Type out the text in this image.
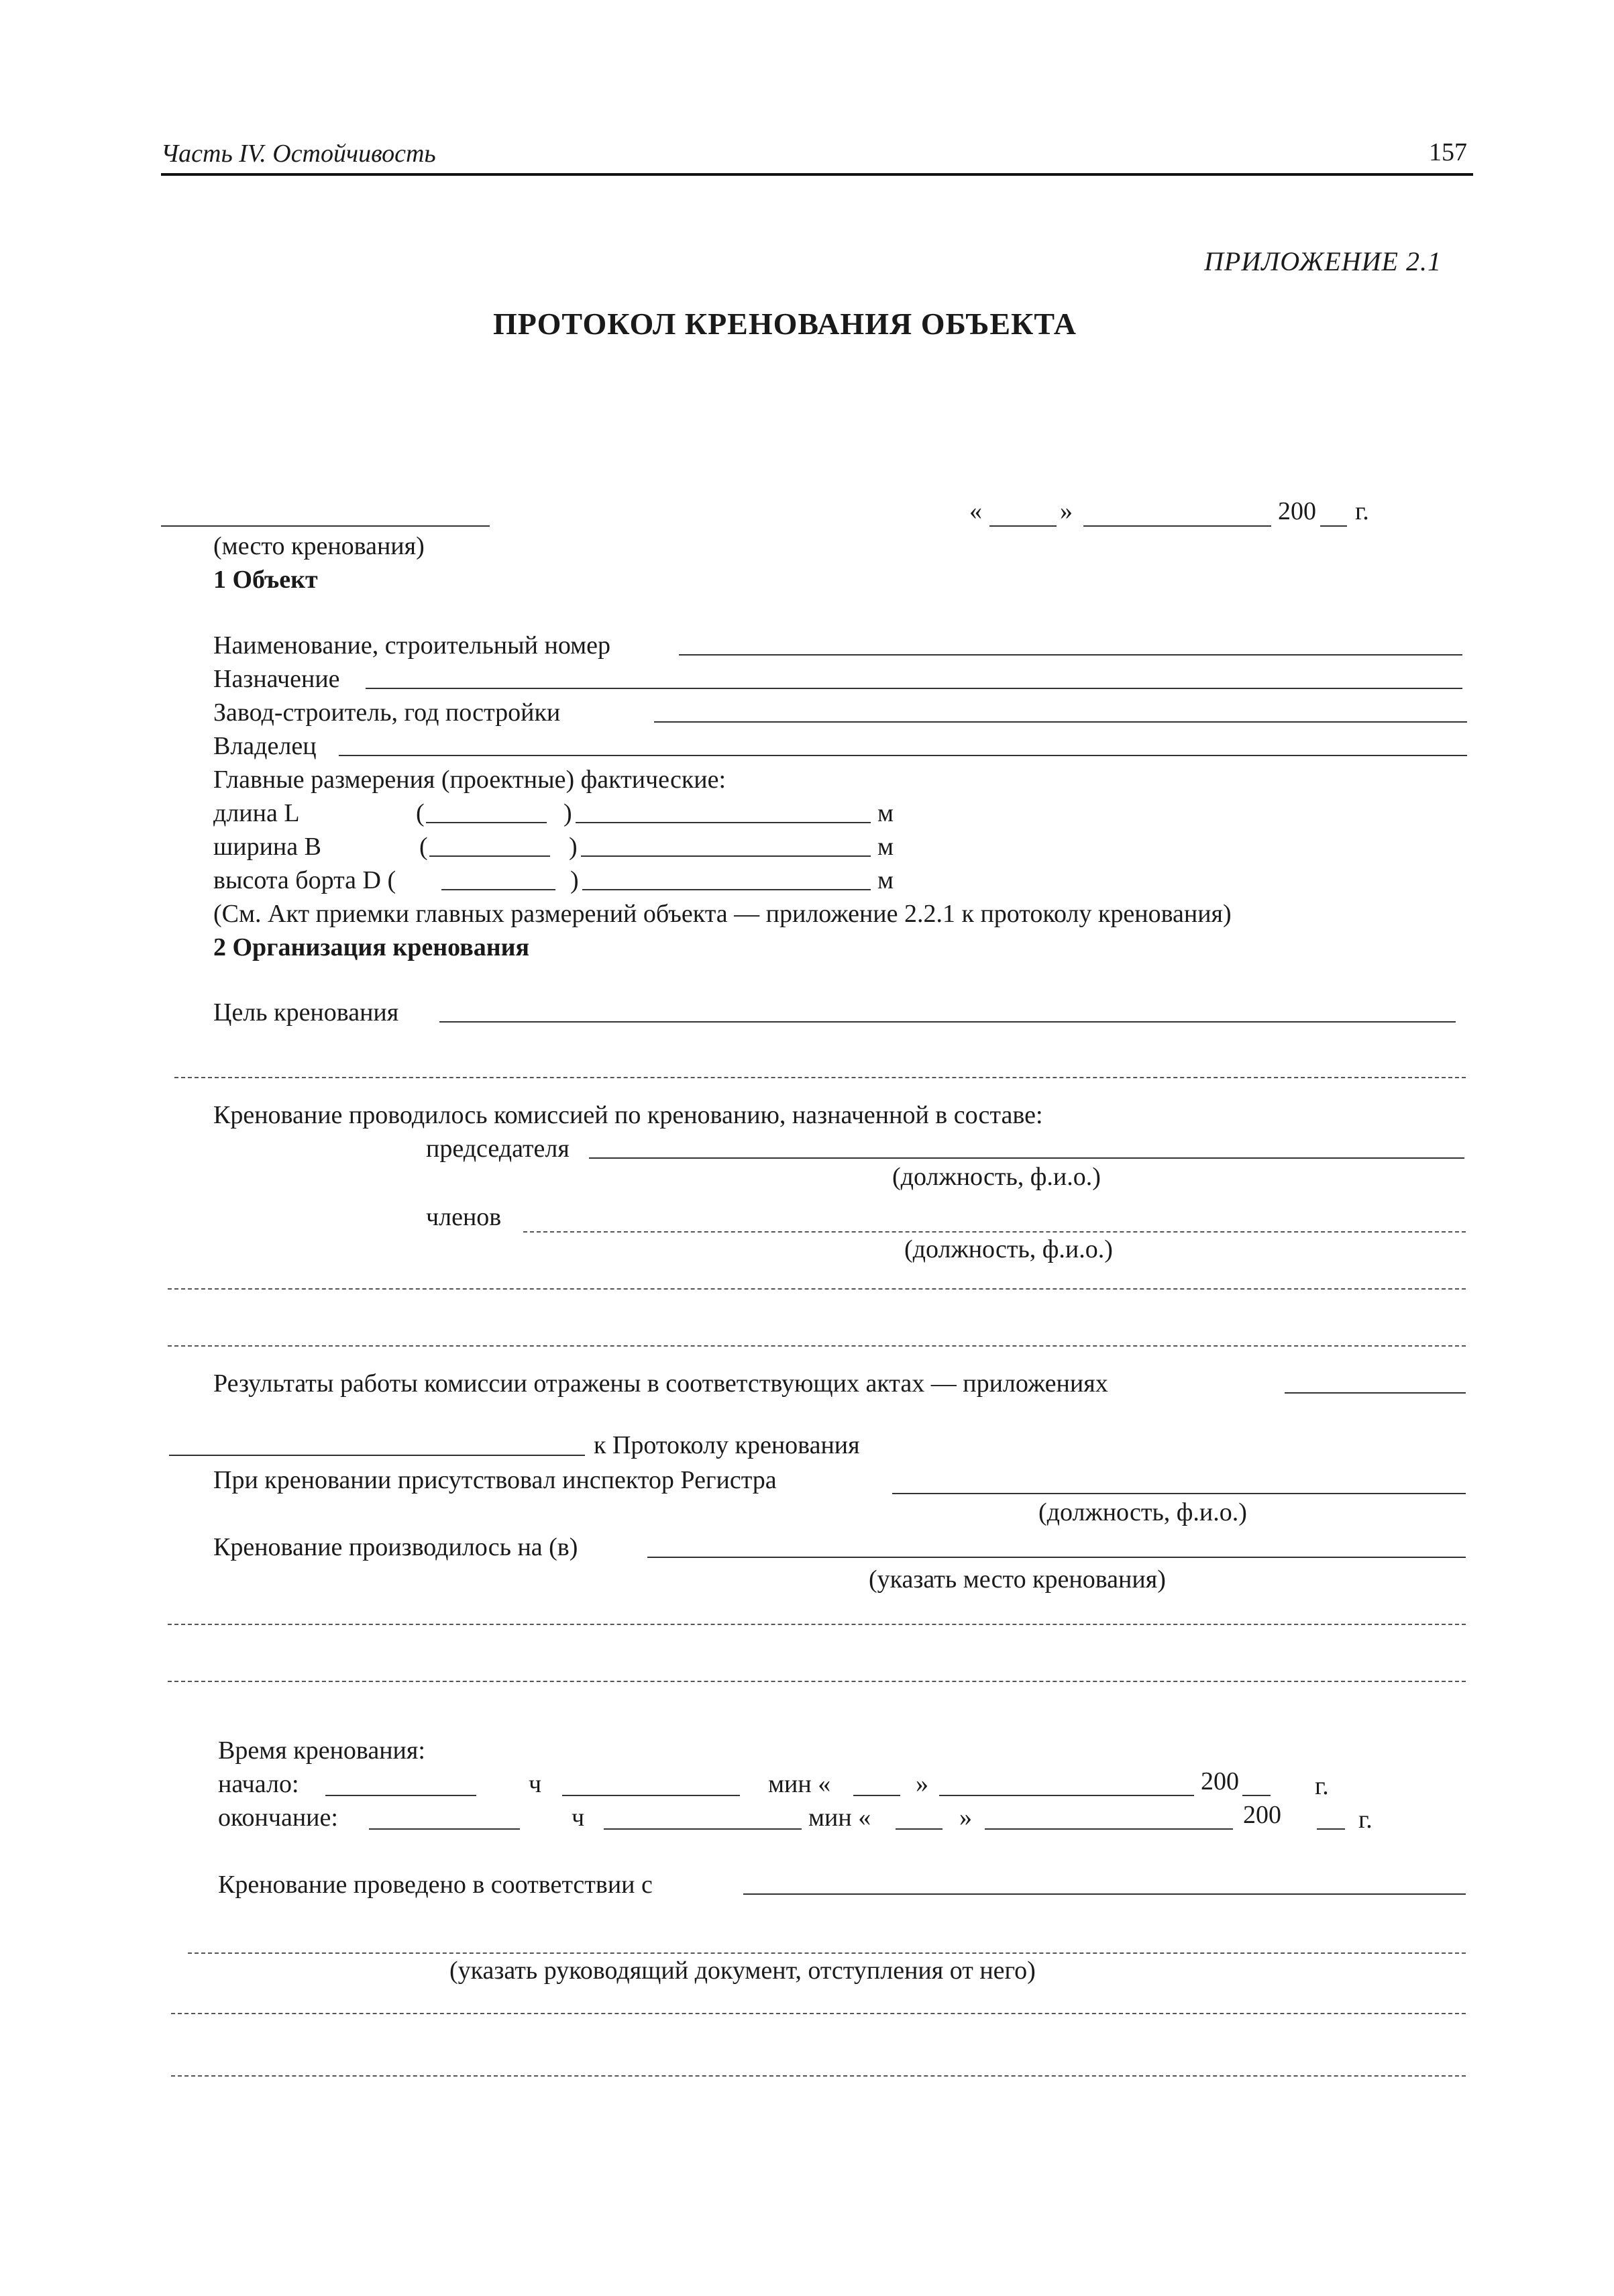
Часть IV. Остойчивость	157
ПРИЛОЖЕНИЕ 2.1
ПРОТОКОЛ КРЕНОВАНИЯ ОБЪЕКТА
«	»	200 г.
(место кренования)
1 Объект
Наименование, строительный номер
Назначение
Завод-строитель, год постройки
Владелец
Главные размерения (проектные) фактические:
длина L	(	)	м
ширина B	(	)	м
высота борта D (	)	м
(См. Акт приемки главных размерений объекта — приложение 2.2.1 к протоколу кренования)
2 Организация кренования
Цель кренования
Кренование проводилось комиссией по кренованию, назначенной в составе:
председателя
(должность, ф.и.о.)
членов
(должность, ф.и.о.)
Результаты работы комиссии отражены в соответствующих актах — приложениях
к Протоколу кренования
При креновании присутствовал инспектор Регистра
(должность, ф.и.о.)
Кренование производилось на (в)
(указать место кренования)
Время кренования:
начало:	ч	мин «	»	200	г.
окончание:	ч	мин «	»	200	г.
Кренование проведено в соответствии с
(указать руководящий документ, отступления от него)
